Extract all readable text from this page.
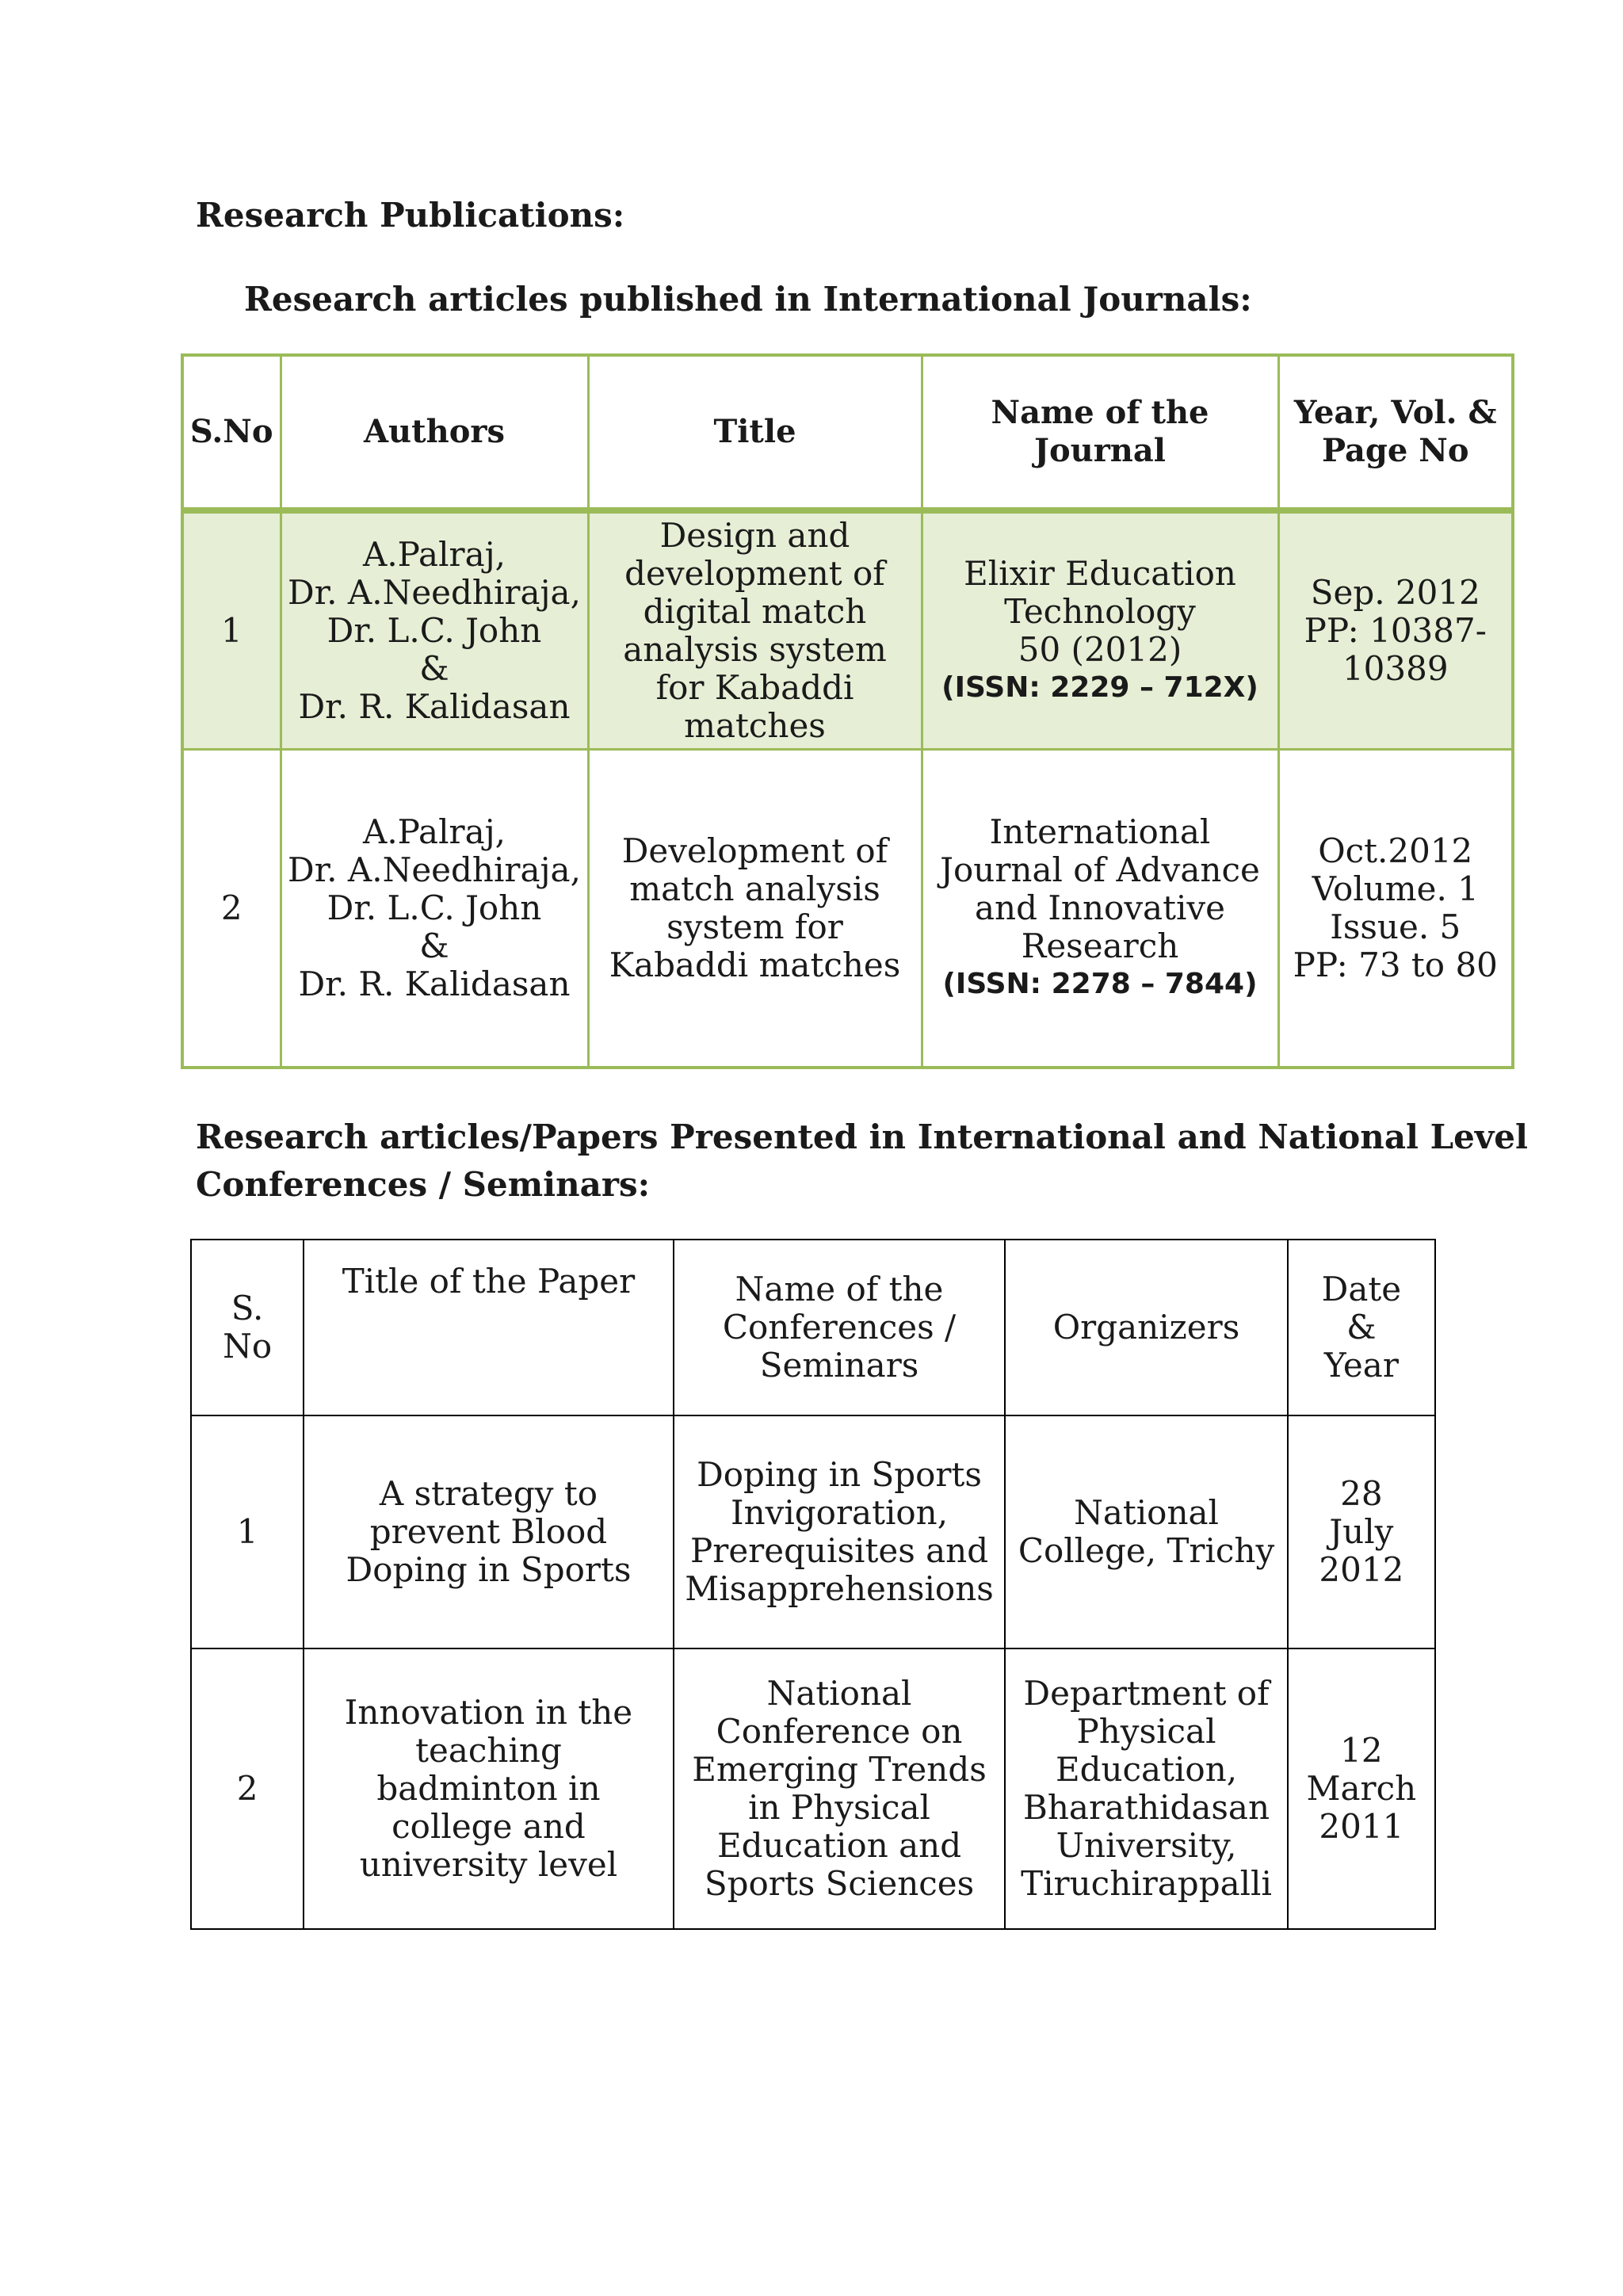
Research Publications:
Research articles published in International Journals:
S.No	Authors	Title	Name of the Journal	Year, Vol. & Page No
1	A.Palraj,
Dr. A.Needhiraja,
Dr. L.C. John
&
Dr. R. Kalidasan	Design and development of digital match analysis system for Kabaddi matches	Elixir Education
Technology
50 (2012)
(ISSN: 2229 – 712X)	Sep. 2012
PP: 10387-
10389

2	A.Palraj,
Dr. A.Needhiraja,
Dr. L.C. John
&
Dr. R. Kalidasan	Development of match analysis system for Kabaddi matches	International Journal of Advance and Innovative Research
(ISSN: 2278 – 7844)	Oct.2012
Volume. 1
Issue. 5
PP: 73 to 80
Research articles/Papers Presented in International and National Level Conferences / Seminars:
S. No	Title of the Paper	Name of the Conferences / Seminars	Organizers	Date & Year
1	A strategy to prevent Blood Doping in Sports	Doping in Sports Invigoration, Prerequisites and Misapprehensions	National College, Trichy	28
July
2012

2	Innovation in the teaching badminton in college and university level	National Conference on Emerging Trends in Physical Education and Sports Sciences	Department of Physical Education, Bharathidasan University, Tiruchirappalli	12
March
2011
